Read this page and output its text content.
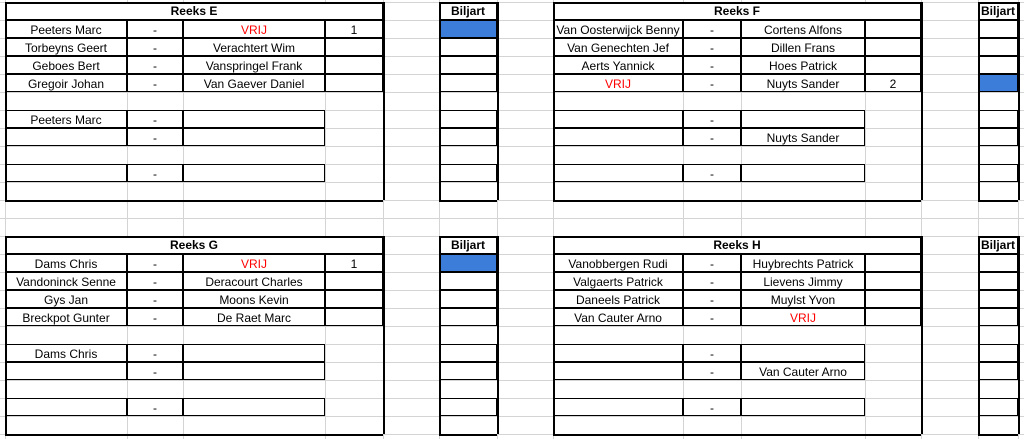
Reeks E	Biljart
Peeters Marc	-	VRIJ	1
Torbeyns Geert	-	Verachtert Wim
Geboes Bert	-	Vanspringel Frank
Gregoir Johan	-	Van Gaever Daniel
Peeters Marc	-
-
-
Reeks F	Biljart
Van Oosterwijck Benny	-	Cortens Alfons
Van Genechten Jef	-	Dillen Frans
Aerts Yannick	-	Hoes Patrick
VRIJ	-	Nuyts Sander	2
-
-	Nuyts Sander
-
Reeks G	Biljart
Dams Chris	-	VRIJ	1
Vandoninck Senne	-	Deracourt Charles
Gys Jan	-	Moons Kevin
Breckpot Gunter	-	De Raet Marc
Dams Chris	-
-
-
Reeks H	Biljart
Vanobbergen Rudi	-	Huybrechts Patrick
Valgaerts Patrick	-	Lievens Jimmy
Daneels Patrick	-	Muylst Yvon
Van Cauter Arno	-	VRIJ
-
-	Van Cauter Arno
-
